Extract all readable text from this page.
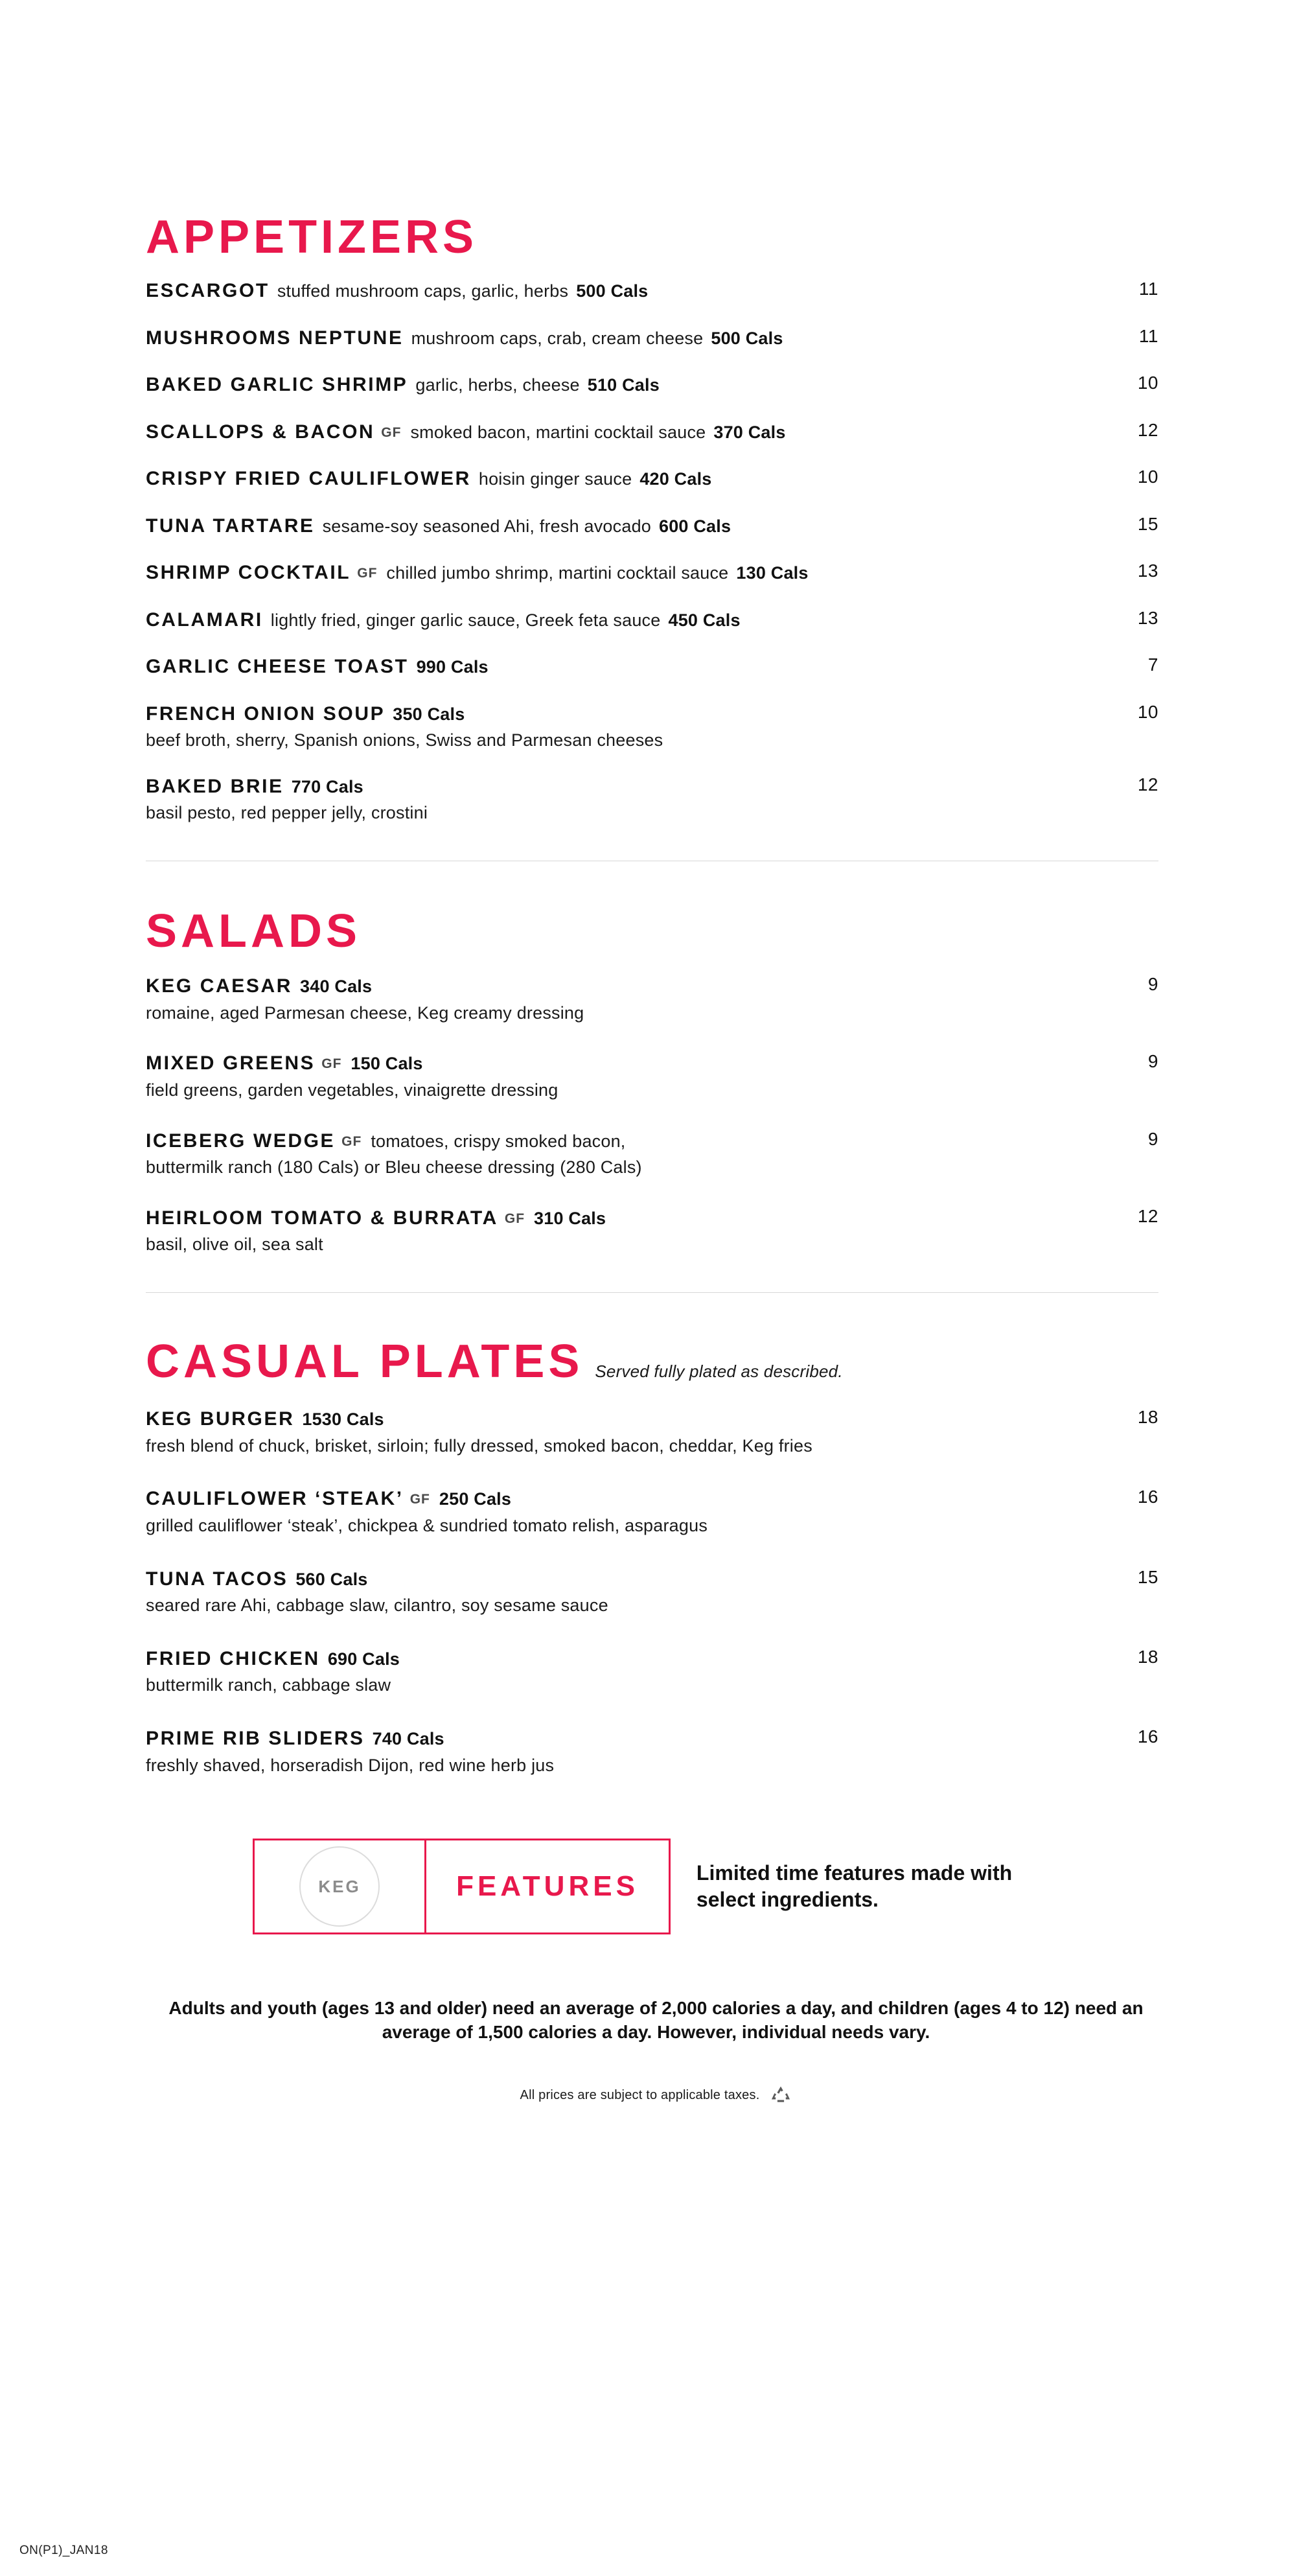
APPETIZERS
ESCARGOT stuffed mushroom caps, garlic, herbs 500 Cals	11
MUSHROOMS NEPTUNE mushroom caps, crab, cream cheese 500 Cals	11
BAKED GARLIC SHRIMP garlic, herbs, cheese 510 Cals	10
SCALLOPS & BACON GF smoked bacon, martini cocktail sauce 370 Cals	12
CRISPY FRIED CAULIFLOWER hoisin ginger sauce 420 Cals	10
TUNA TARTARE sesame-soy seasoned Ahi, fresh avocado 600 Cals	15
SHRIMP COCKTAIL GF chilled jumbo shrimp, martini cocktail sauce 130 Cals	13
CALAMARI lightly fried, ginger garlic sauce, Greek feta sauce 450 Cals	13
GARLIC CHEESE TOAST 990 Cals	7
FRENCH ONION SOUP 350 Cals
beef broth, sherry, Spanish onions, Swiss and Parmesan cheeses
10
BAKED BRIE 770 Cals
basil pesto, red pepper jelly, crostini
12
SALADS
KEG CAESAR 340 Cals
romaine, aged Parmesan cheese, Keg creamy dressing
9
MIXED GREENS GF 150 Cals
field greens, garden vegetables, vinaigrette dressing
9
ICEBERG WEDGE GF tomatoes, crispy smoked bacon,
buttermilk ranch (180 Cals) or Bleu cheese dressing (280 Cals)
9
HEIRLOOM TOMATO & BURRATA GF 310 Cals
basil, olive oil, sea salt
12
CASUAL PLATES Served fully plated as described.
KEG BURGER 1530 Cals
fresh blend of chuck, brisket, sirloin; fully dressed, smoked bacon, cheddar, Keg fries
18
CAULIFLOWER ‘STEAK’ GF 250 Cals
grilled cauliflower ‘steak’, chickpea & sundried tomato relish, asparagus
16
TUNA TACOS 560 Cals
seared rare Ahi, cabbage slaw, cilantro, soy sesame sauce
15
FRIED CHICKEN 690 Cals
buttermilk ranch, cabbage slaw
18
PRIME RIB SLIDERS 740 Cals
freshly shaved, horseradish Dijon, red wine herb jus
16
KEG	FEATURES	Limited time features made with select ingredients.
Adults and youth (ages 13 and older) need an average of 2,000 calories a day, and children (ages 4 to 12) need an average of 1,500 calories a day. However, individual needs vary.
All prices are subject to applicable taxes.
ON(P1)_JAN18
